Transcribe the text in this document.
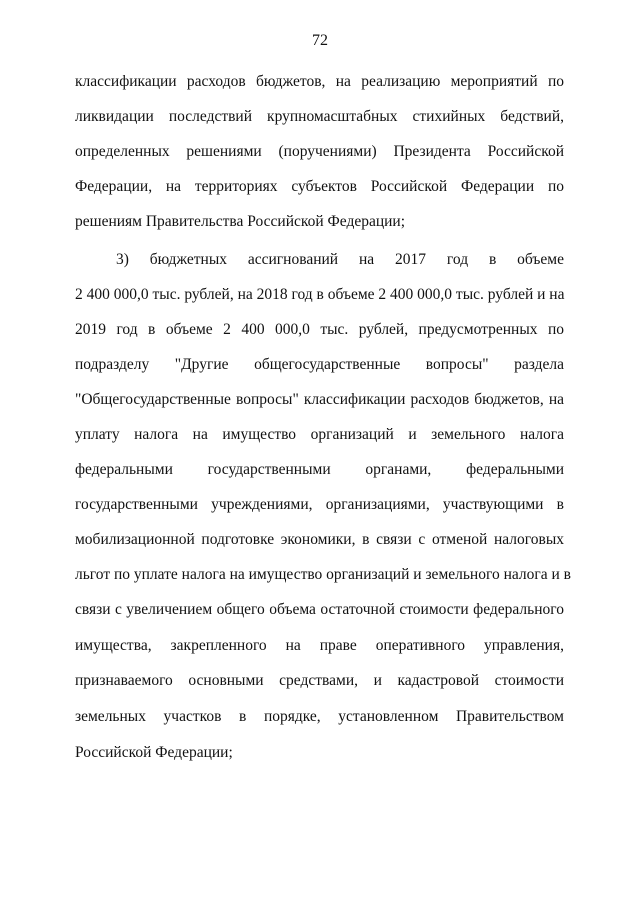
72
классификации расходов бюджетов, на реализацию мероприятий по
ликвидации последствий крупномасштабных стихийных бедствий,
определенных решениями (поручениями) Президента Российской
Федерации, на территориях субъектов Российской Федерации по
решениям Правительства Российской Федерации;
3) бюджетных ассигнований на 2017 год в объеме
2 400 000,0 тыс. рублей, на 2018 год в объеме 2 400 000,0 тыс. рублей и на
2019 год в объеме 2 400 000,0 тыс. рублей, предусмотренных по
подразделу "Другие общегосударственные вопросы" раздела
"Общегосударственные вопросы" классификации расходов бюджетов, на
уплату налога на имущество организаций и земельного налога
федеральными государственными органами, федеральными
государственными учреждениями, организациями, участвующими в
мобилизационной подготовке экономики, в связи с отменой налоговых
льгот по уплате налога на имущество организаций и земельного налога и в
связи с увеличением общего объема остаточной стоимости федерального
имущества, закрепленного на праве оперативного управления,
признаваемого основными средствами, и кадастровой стоимости
земельных участков в порядке, установленном Правительством
Российской Федерации;
